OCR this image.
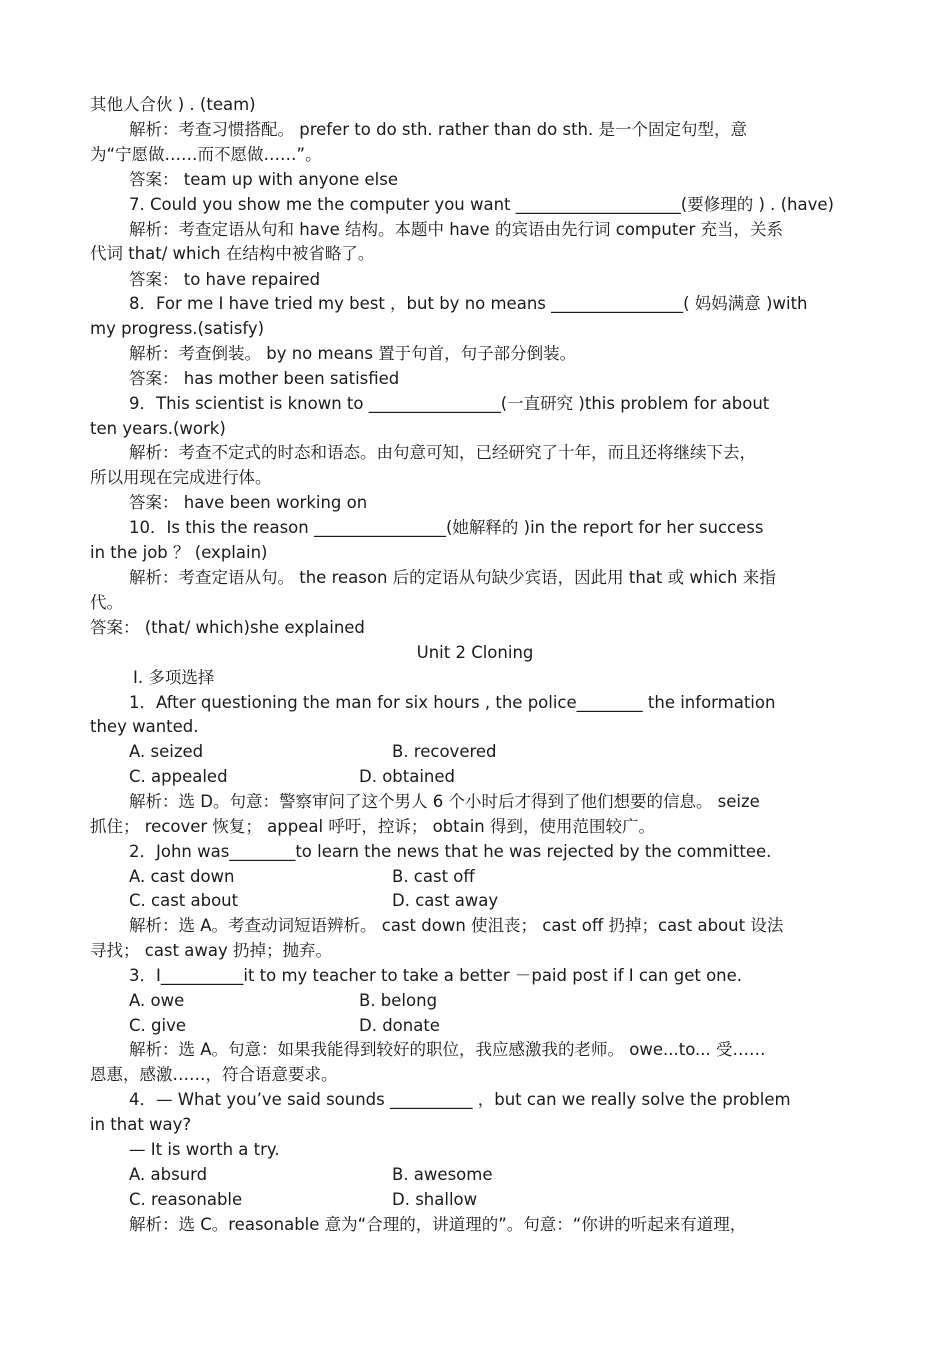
其他人合伙 ) . (team)
解析：考查习惯搭配。 prefer to do sth. rather than do sth. 是一个固定句型，意
为“宁愿做……而不愿做……”。
答案： team up with anyone else
7. Could you show me the computer you want ____________________(要修理的 ) . (have)
解析：考查定语从句和 have 结构。本题中 have 的宾语由先行词 computer 充当，关系
代词 that/ which 在结构中被省略了。
答案： to have repaired
8．For me I have tried my best ，but by no means ________________( 妈妈满意 )with
my progress.(satisfy)
解析：考查倒装。 by no means 置于句首，句子部分倒装。
答案： has mother been satisfied
9．This scientist is known to ________________(一直研究 )this problem for about
ten years.(work)
解析：考查不定式的时态和语态。由句意可知，已经研究了十年，而且还将继续下去，
所以用现在完成进行体。
答案： have been working on
10．Is this the reason ________________(她解释的 )in the report for her success
in the job ？ (explain)
解析：考查定语从句。 the reason 后的定语从句缺少宾语，因此用 that 或 which 来指
代。
答案： (that/ which)she explained
Unit 2 Cloning
Ⅰ. 多项选择
1．After questioning the man for six hours , the police________ the information
they wanted.
A. seized	B. recovered
C. appealed	D. obtained
解析：选 D。句意：警察审问了这个男人 6 个小时后才得到了他们想要的信息。 seize
抓住； recover 恢复； appeal 呼吁，控诉； obtain 得到，使用范围较广。
2．John was________to learn the news that he was rejected by the committee.
A. cast down	B. cast off
C. cast about	D. cast away
解析：选 A。考查动词短语辨析。 cast down 使沮丧； cast off 扔掉；cast about 设法
寻找； cast away 扔掉；抛弃。
3．I__________it to my teacher to take a better －paid post if I can get one.
A. owe	B. belong
C. give	D. donate
解析：选 A。句意：如果我能得到较好的职位，我应感激我的老师。 owe...to... 受……
恩惠，感激……，符合语意要求。
4．— What you’ve said sounds __________ ，but can we really solve the problem
in that way?
— It is worth a try.
A. absurd	B. awesome
C. reasonable	D. shallow
解析：选 C。reasonable 意为“合理的，讲道理的”。句意：“你讲的听起来有道理，
